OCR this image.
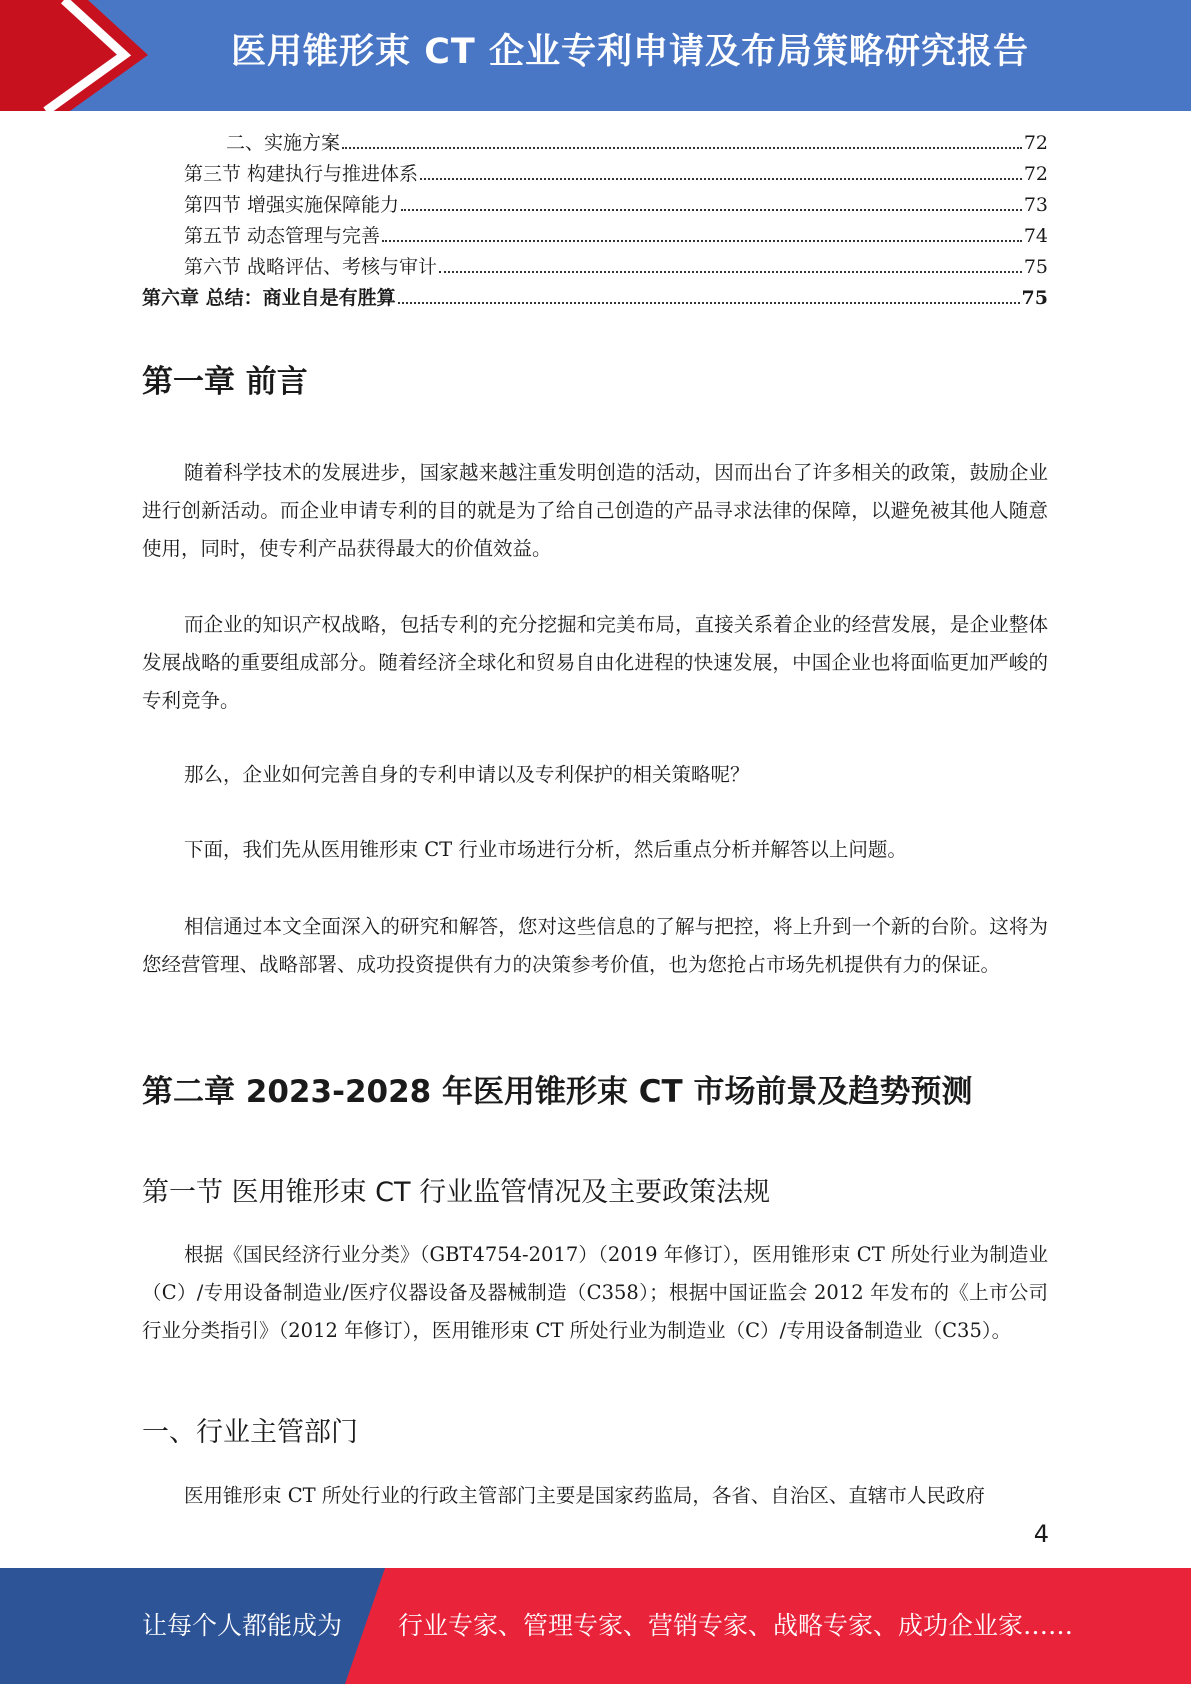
医用锥形束 CT 企业专利申请及布局策略研究报告
二、实施方案	72
第三节 构建执行与推进体系	72
第四节 增强实施保障能力	73
第五节 动态管理与完善	74
第六节 战略评估、考核与审计	75
第六章 总结：商业自是有胜算	75
第一章 前言

随着科学技术的发展进步，国家越来越注重发明创造的活动，因而出台了许多相关的政策，鼓励企业进行创新活动。而企业申请专利的目的就是为了给自己创造的产品寻求法律的保障，以避免被其他人随意使用，同时，使专利产品获得最大的价值效益。

而企业的知识产权战略，包括专利的充分挖掘和完美布局，直接关系着企业的经营发展，是企业整体发展战略的重要组成部分。随着经济全球化和贸易自由化进程的快速发展，中国企业也将面临更加严峻的专利竞争。

那么，企业如何完善自身的专利申请以及专利保护的相关策略呢？

下面，我们先从医用锥形束 CT 行业市场进行分析，然后重点分析并解答以上问题。

相信通过本文全面深入的研究和解答，您对这些信息的了解与把控，将上升到一个新的台阶。这将为您经营管理、战略部署、成功投资提供有力的决策参考价值，也为您抢占市场先机提供有力的保证。

第二章 2023-2028 年医用锥形束 CT 市场前景及趋势预测
第一节 医用锥形束 CT 行业监管情况及主要政策法规

根据《国民经济行业分类》（GBT4754-2017）（2019 年修订），医用锥形束 CT 所处行业为制造业（C）/专用设备制造业/医疗仪器设备及器械制造（C358）；根据中国证监会 2012 年发布的《上市公司行业分类指引》（2012 年修订），医用锥形束 CT 所处行业为制造业（C）/专用设备制造业（C35）。

一、行业主管部门

医用锥形束 CT 所处行业的行政主管部门主要是国家药监局，各省、自治区、直辖市人民政府

4
让每个人都能成为 行业专家、管理专家、营销专家、战略专家、成功企业家……
